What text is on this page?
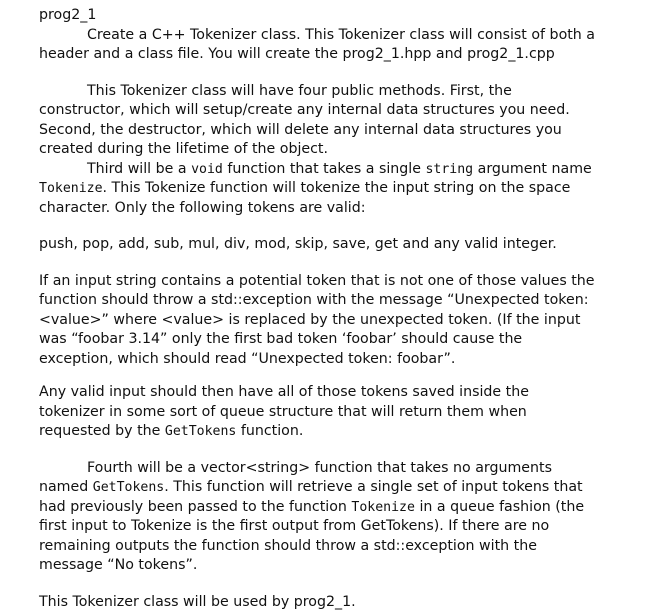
prog2_1
Create a C++ Tokenizer class. This Tokenizer class will consist of both a
header and a class file. You will create the prog2_1.hpp and prog2_1.cpp
This Tokenizer class will have four public methods. First, the
constructor, which will setup/create any internal data structures you need.
Second, the destructor, which will delete any internal data structures you
created during the lifetime of the object.
Third will be a void function that takes a single string argument name
Tokenize. This Tokenize function will tokenize the input string on the space
character. Only the following tokens are valid:
push, pop, add, sub, mul, div, mod, skip, save, get and any valid integer.
If an input string contains a potential token that is not one of those values the
function should throw a std::exception with the message “Unexpected token:
<value>” where <value> is replaced by the unexpected token. (If the input
was “foobar 3.14” only the first bad token ‘foobar’ should cause the
exception, which should read “Unexpected token: foobar”.
Any valid input should then have all of those tokens saved inside the
tokenizer in some sort of queue structure that will return them when
requested by the GetTokens function.
Fourth will be a vector<string> function that takes no arguments
named GetTokens. This function will retrieve a single set of input tokens that
had previously been passed to the function Tokenize in a queue fashion (the
first input to Tokenize is the first output from GetTokens). If there are no
remaining outputs the function should throw a std::exception with the
message “No tokens”.
This Tokenizer class will be used by prog2_1.
